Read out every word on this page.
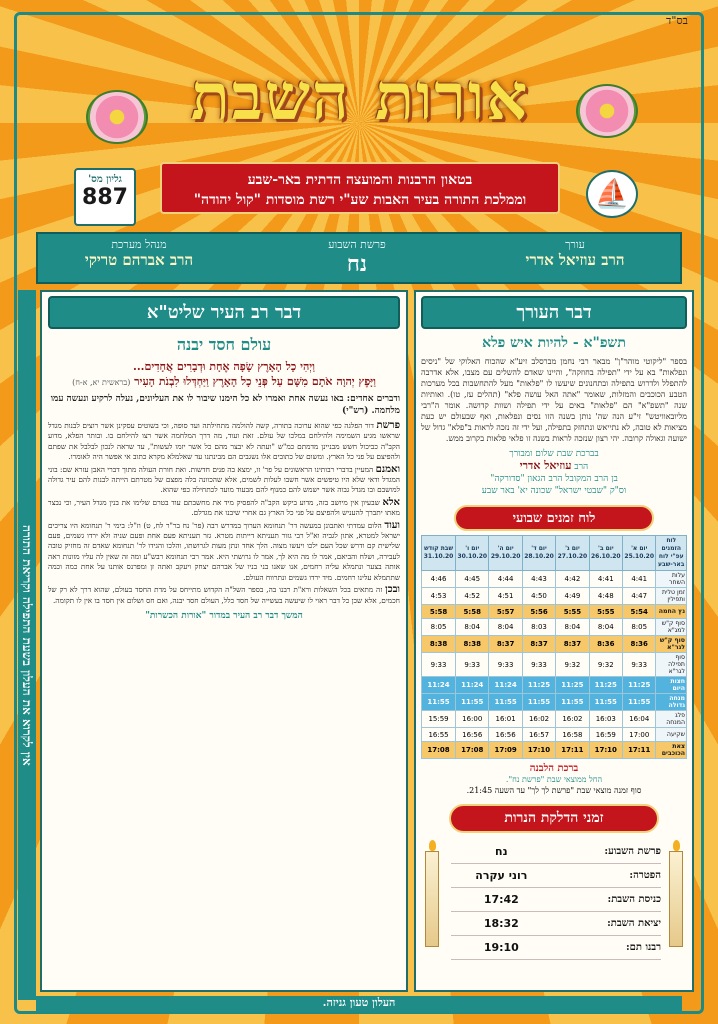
בס"ד
אורות השבת
בטאון הרבנות והמועצה הדתית באר-שבע
וממלכת התורה בעיר האבות שע"י רשת מוסדות "קול יהודה"
גליון מס'
887	⛵
עורך
הרב עוזיאל אדרי
פרשת השבוע
נח
מנהל מערכת
הרב אברהם טריקי
אין לקרוא את העלון בשעת התפילה וקריאת התורה
דבר רב העיר שליט"א
עולם חסד יבנה
וַיְהִי כָל הָאָרֶץ שָׂפָה אֶחָת וּדְבָרִים אֲחָדִים...
וַיָּפֶץ יְהוָה אֹתָם מִשָּׁם עַל פְּנֵי כָל הָאָרֶץ וַיַּחְדְּלוּ לִבְנֹת הָעִיר (בראשית יא, א-ח)
ודברים אחדים: באו נעשה אחת ואמרו לא כל הימנו שיבור לו את העליונים, נעלה לרקיע ונעשה עמו מלחמה. (רש"י)

פרשת דור הפלגה כפי שהוא ערוכה בתורה, קשה להולמה מתחילתה ועד סופה, וכי בשוטים עסקינן אשר רוצים לבנות מגדל שראשו מגיע השמימה ולהילחם במלכו של עולם. זאת ועוד, מה דרך המלחמה אשר רצו להילחם בו. ובותר הפלא, מדוע הקב"ה כביכול חשש מבניינן מדמתם כמ"ש "ועתה לא יבצר מהם כל אשר יזמו לעשות", עד שראה לנכון לבלבל את שפתם ולהפיצם על פני כל הארץ. ומשום של כתובים אלו נשגבים הם מבינתנו עד שאלמלא מקרא כתוב אי אפשר היה לאומרו.

ואמנם המעיין בדברי רבותינו הראשונים על פר' זו, ימצא בה פנים חדשות. ואת חורת העולה מתוך דברי האבן עזרא שם: בוני המגדל ודאי שלא היו טיפשים אשר חשבו לעלות לשמים, אלא שהכוונה בלה מפצם של מטרתם הייתה לבנות להם עיר גדולה למושבם ובו מגדל גבוה אשר ישמש להם כמנוף להם מבעוד מועד לכתחילה כפי שהוא.

אלא שבעיון אין מיושב בזה, מדוע ביקש הקב"ה להפסיק מיד את מחשבתם עוד בטרם שלימו את בנין מגדל העיר, וכי נבצר מאתו יתברך להעניש ולהפיצם על פני כל הארץ גם אחרי שיבנו את מגדלם.

ועוד הלום עמדתי ואתבונן במעשה דר' תנחומא הערוך במדרש רבה (פר' נח בר"ר לח, ט) וז"ל: בימי ר' תנחומא היו צריכים ישראל למטרא, אתון לגביה וא"ל רבי גזור תעניתא דייתות מטרא. גזר תעניתא פעם אחת ופעם שניה ולא ירדו גשמים, פעם שלישית קם ודרש שכל העם ילכו ויעשו מצוה. הלך אחד ונתן מעות לגרושתו, והלכו והגידו לר' תנחומא שאדם זה מחזיק טובה לעבירה, ושלח והביאם, אמר לו מה היא לך, אמר לו גרושתי היא. אמר רבי תנחומא רבש"ע ומה זה שאין לה עליו מזונות ראה אותה בצער ונתמלא עליה רחמים, אנו שאנו בני בניו של אברהם יצחק ויעקב ואתה זן ומפרנס אותנו על אחת כמה וכמה שתתמלא עלינו רחמים. מיד ירדו גשמים ונתרווח העולם.

ובכן זה מתאים בכל השאלות ורא"ת רבנו בה, בספר השל"ה הקדוש מתייחס על מדת החסד בעולם, שהוא דרך לא רק של חכמים, אלא שכן כל דבר ראוי לו שיעשה בעשייה של חסד כלל, העולם חסד יבנה, ואם חס ושלום אין חסד בו אין לו תקומה.

המשך דבר רב העיר במדור "אורות הכשרות"
דבר העורך
תשפ"א - להיות איש פלא
בספר "ליקוטי מוהר"ן" מבאר רבי נחמן מברסלב זיע"א שהכוח האלוקי של "ניסים ונפלאות" בא על ידי "תפילה בחוזקה", והיינו שאדם להשלים עם מצבו, אלא אדרבה להתפלל ולדרוש בתפילה ובתחנונים שיעשו לו "פלאות" מעל להתחשבות בכל מערכות הטבע הכוכבים והמזלות, שאומר "אתה האל עושה פלא" (תהלים עז, טו). ואותיות שנה "תשפ"א" הם "פלאות" באים על ידי תפילה ושוות קדושה. אומר ה"רבי מליובאוויטש" זי"ע הנה שה' נותן בשנה הזו נסים ונפלאות, ואף שבעולם יש כעת מציאות לא טובה, לא נתייאש ונתחזק בתפילה, ועל ידי זה נזכה לראות ב"פלא" גדול של ישועה וגאולה קרובה. יהי רצון שנזכה לראות בשנה זו פלאי פלאות בקרוב ממש.
בברכת שבת שלום ומבורך
הרב עוזיאל אדרי
בן הרב המקובל הרב הגאון "סדורקה"
וס"ק "שבטי ישראל" שכונה יא' באר שבע
לוח זמנים שבועי
לוח הזמנים
עפ"י לוח באר-שבע	יום א' 25.10.20	יום ב' 26.10.20	יום ג' 27.10.20	יום ד' 28.10.20	יום ה' 29.10.20	יום ו' 30.10.20	שבת קודש 31.10.20
עלות השחר	4:41	4:41	4:42	4:43	4:44	4:45	4:46
זמן טלית ותפילין	4:47	4:48	4:49	4:50	4:51	4:52	4:53
נץ החמה	5:54	5:55	5:55	5:56	5:57	5:58	5:58
סוף ק"ש למג"א	8:05	8:04	8:04	8:03	8:04	8:04	8:05
סוף ק"ש לגר"א	8:36	8:36	8:37	8:37	8:37	8:38	8:38
סוף תפילה לגר"א	9:33	9:32	9:32	9:33	9:33	9:33	9:33
חצות היום	11:25	11:25	11:25	11:25	11:24	11:24	11:24
מנחה גדולה	11:55	11:55	11:55	11:55	11:55	11:55	11:55
פלג המנחה	16:04	16:03	16:02	16:02	16:01	16:00	15:59
שקיעה	17:00	16:59	16:58	16:57	16:56	16:56	16:55
צאת הכוכבים	17:11	17:10	17:11	17:10	17:09	17:08	17:08
ברכת הלבנה
החל ממוצאי שבת "פרשת נח".
סוף זמנה מוצאי שבת "פרשת לך לך" עד השעה 21:45.
זמני הדלקת הנרות
פרשת השבוע:	נח
הפטרה:	רוני עקרה
כניסת השבת:	17:42
יציאת השבת:	18:32
רבנו תם:	19:10
העלון טעון גניזה.
